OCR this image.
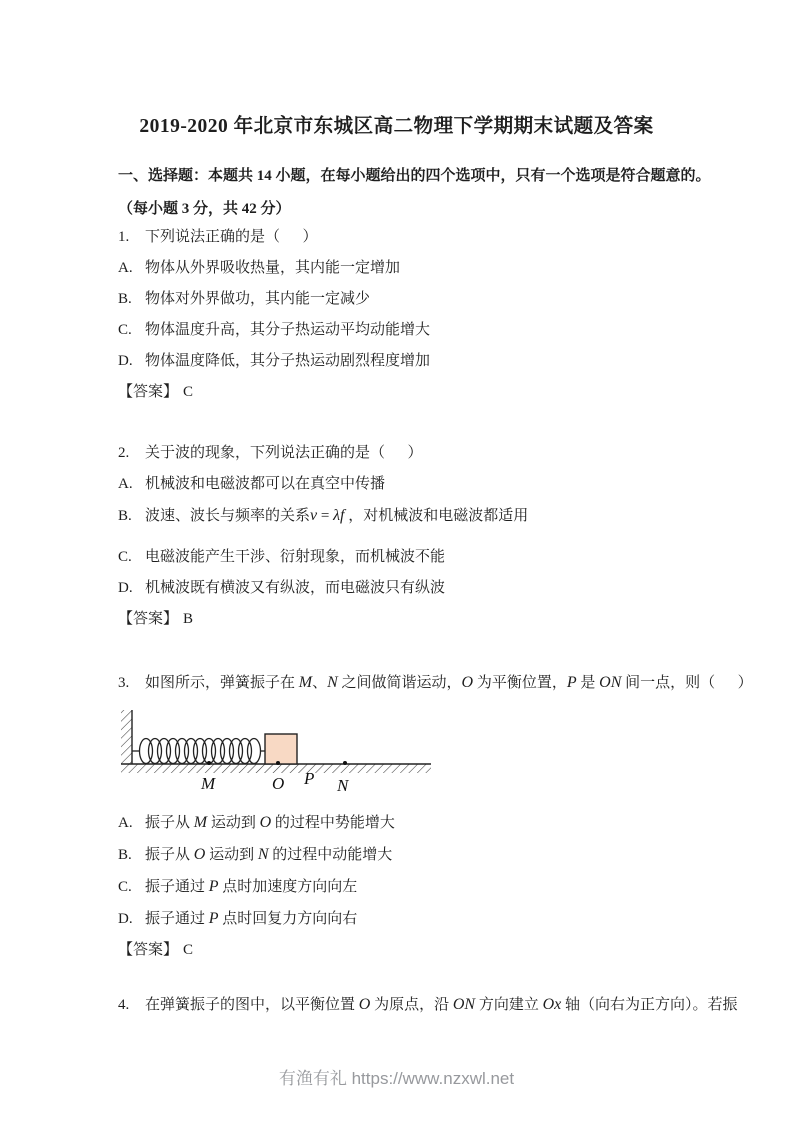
2019-2020 年北京市东城区高二物理下学期期末试题及答案
一、选择题：本题共 14 小题，在每小题给出的四个选项中，只有一个选项是符合题意的。
（每小题 3 分，共 42 分）
1. 下列说法正确的是（      ）
A. 物体从外界吸收热量，其内能一定增加
B. 物体对外界做功，其内能一定减少
C. 物体温度升高，其分子热运动平均动能增大
D. 物体温度降低，其分子热运动剧烈程度增加
【答案】 C
2. 关于波的现象，下列说法正确的是（      ）
A. 机械波和电磁波都可以在真空中传播
B. 波速、波长与频率的关系v = λf ，对机械波和电磁波都适用
C. 电磁波能产生干涉、衍射现象，而机械波不能
D. 机械波既有横波又有纵波，而电磁波只有纵波
【答案】 B
3. 如图所示，弹簧振子在 M、N 之间做简谐运动，O 为平衡位置，P 是 ON 间一点，则（      ）
M	O P N
A. 振子从 M 运动到 O 的过程中势能增大
B. 振子从 O 运动到 N 的过程中动能增大
C. 振子通过 P 点时加速度方向向左
D. 振子通过 P 点时回复力方向向右
【答案】 C
4. 在弹簧振子的图中，以平衡位置 O 为原点，沿 ON 方向建立 Ox 轴（向右为正方向）。若振
有渔有礼 https://www.nzxwl.net
